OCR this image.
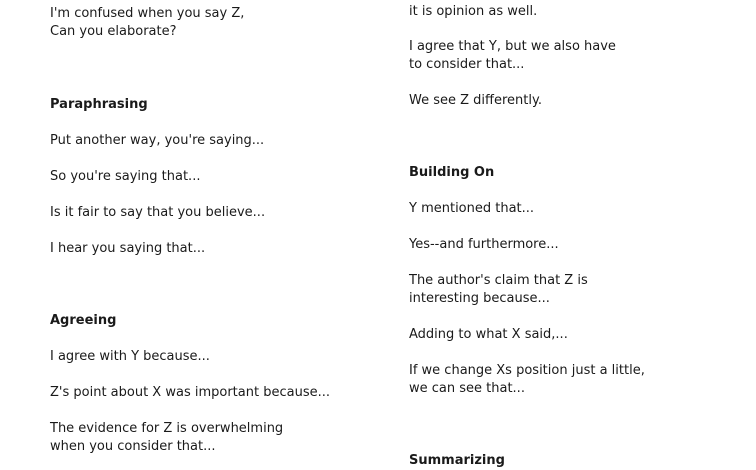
I'm confused when you say Z,
Can you elaborate?
Paraphrasing
Put another way, you're saying...
So you're saying that...
Is it fair to say that you believe...
I hear you saying that...
Agreeing
I agree with Y because...
Z's point about X was important because...
The evidence for Z is overwhelming
when you consider that...
it is opinion as well.
I agree that Y, but we also have
to consider that...
We see Z differently.
Building On
Y mentioned that...
Yes--and furthermore...
The author's claim that Z is
interesting because...
Adding to what X said,...
If we change Xs position just a little,
we can see that...
Summarizing
